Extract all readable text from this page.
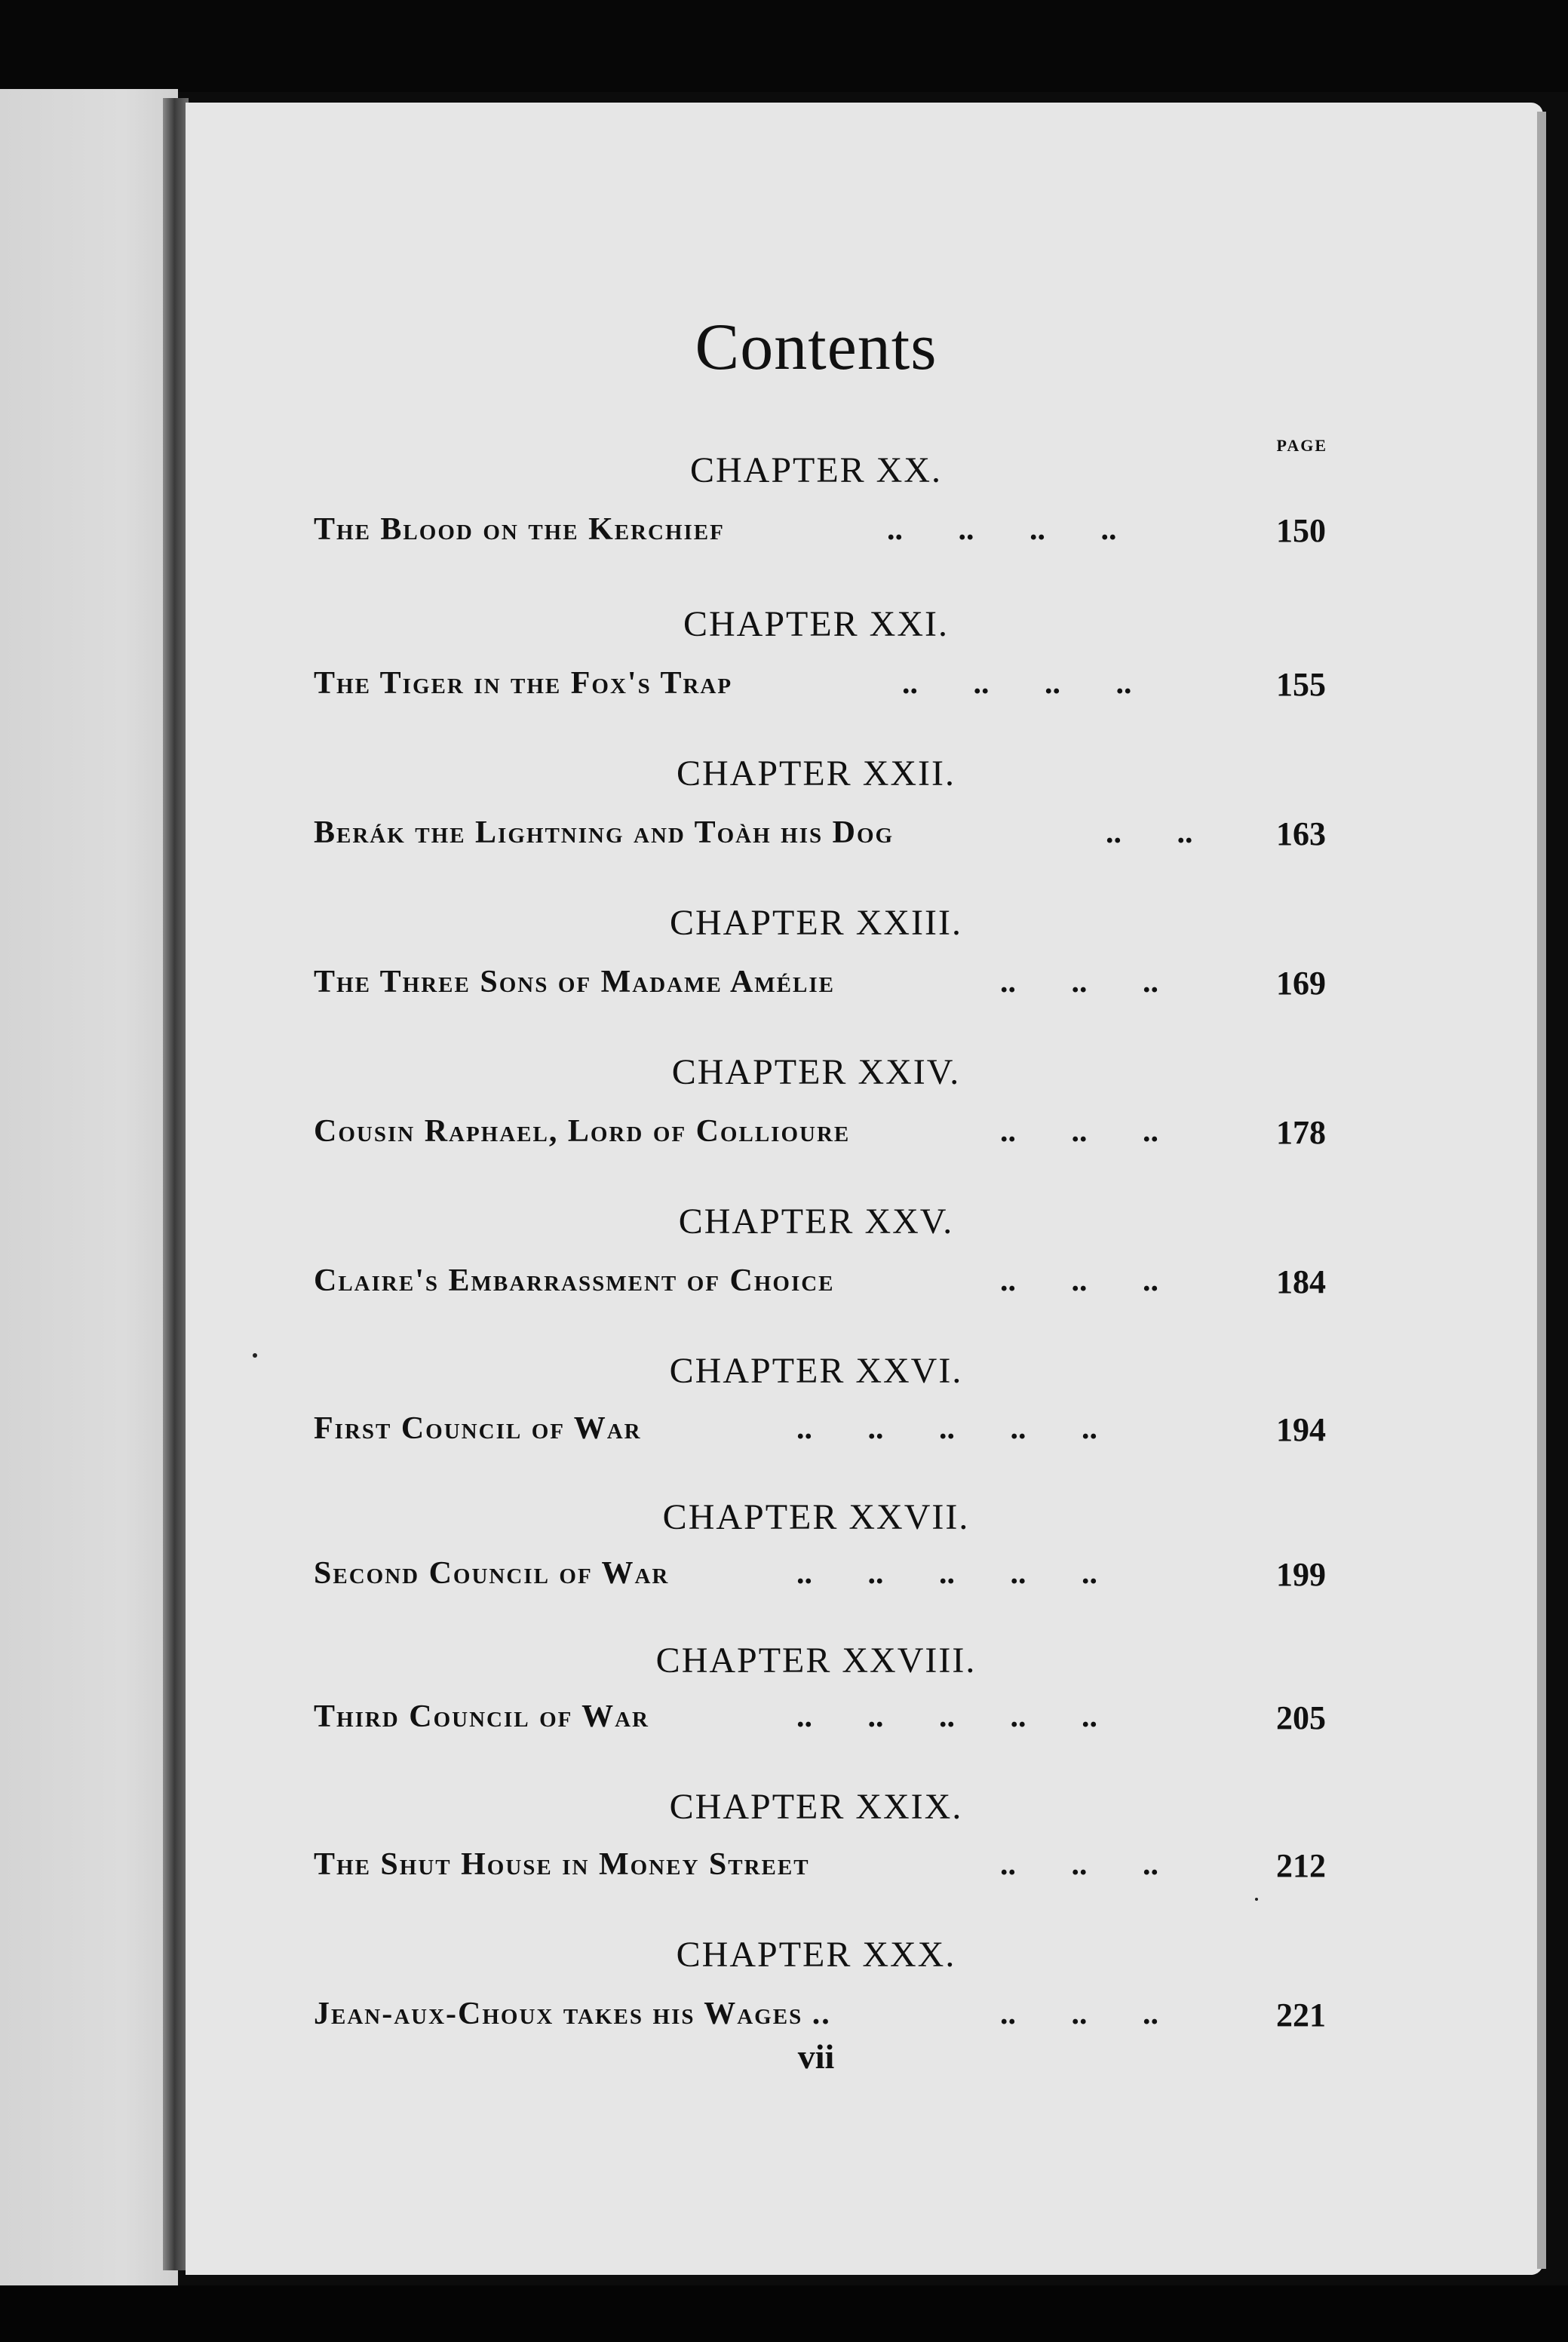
Contents
PAGE
CHAPTER XX.
The Blood on the Kerchief	..       ..       ..       ..	150
CHAPTER XXI.
The Tiger in the Fox's Trap	..       ..       ..       ..	155
CHAPTER XXII.
Berák the Lightning and Toàh his Dog	..       ..	163
CHAPTER XXIII.
The Three Sons of Madame Amélie	..       ..       ..	169
CHAPTER XXIV.
Cousin Raphael, Lord of Collioure	..       ..       ..	178
CHAPTER XXV.
Claire's Embarrassment of Choice	..       ..       ..	184
CHAPTER XXVI.
First Council of War	..       ..       ..       ..       ..	194
CHAPTER XXVII.
Second Council of War	..       ..       ..       ..       ..	199
CHAPTER XXVIII.
Third Council of War	..       ..       ..       ..       ..	205
CHAPTER XXIX.
The Shut House in Money Street	..       ..       ..	212
CHAPTER XXX.
Jean-aux-Choux takes his Wages ..	..       ..       ..	221
vii
